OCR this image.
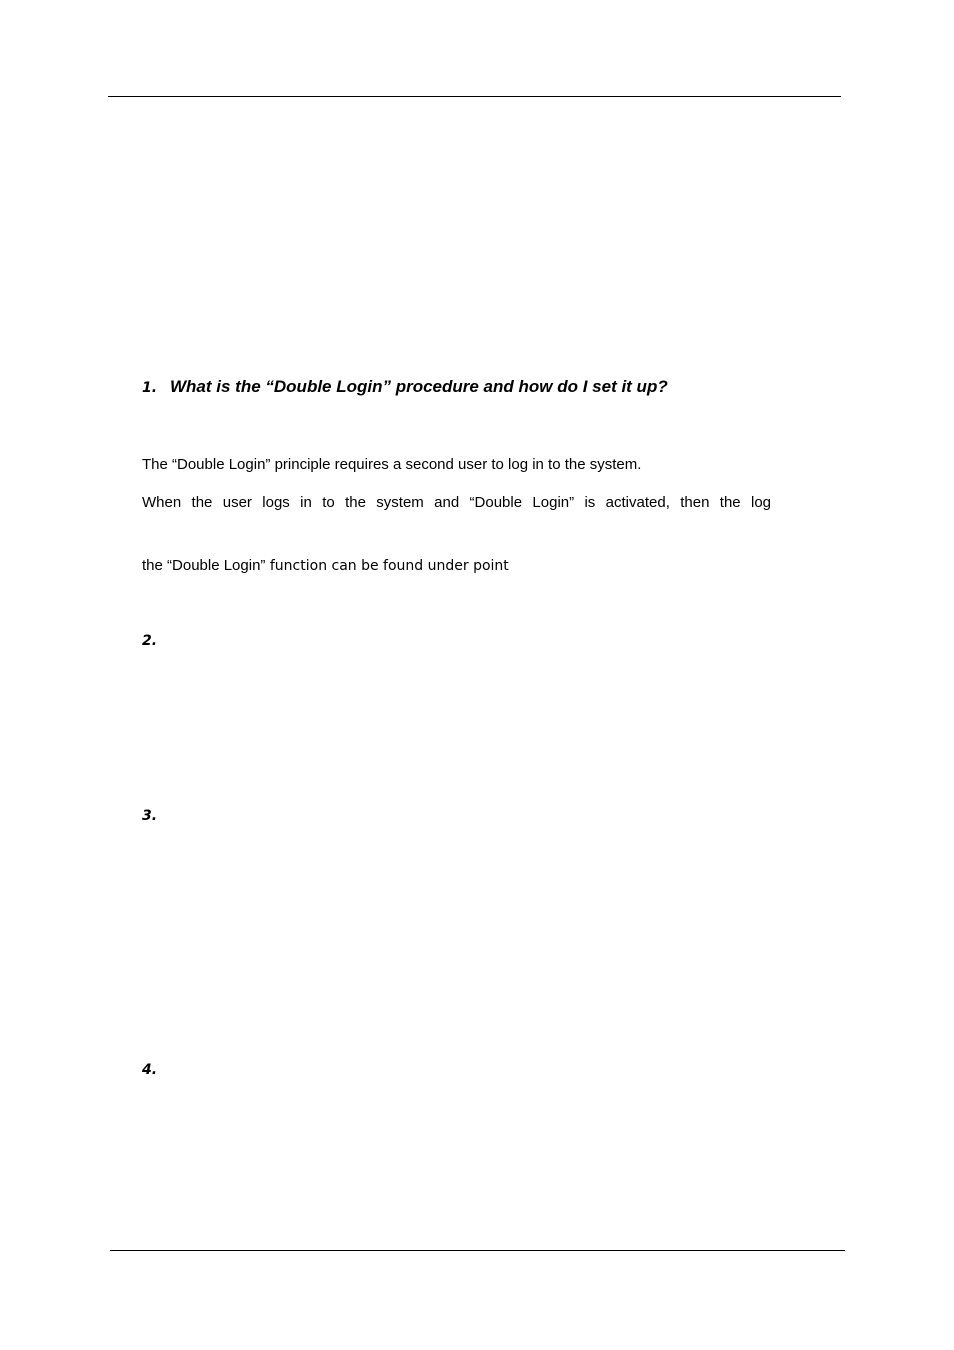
1. What is the “Double Login” procedure and how do I set it up?
The “Double Login” principle requires a second user to log in to the system.
When the user logs in to the system and “Double Login” is activated, then the log
the “Double Login” function can be found under point
2.
3.
4.
